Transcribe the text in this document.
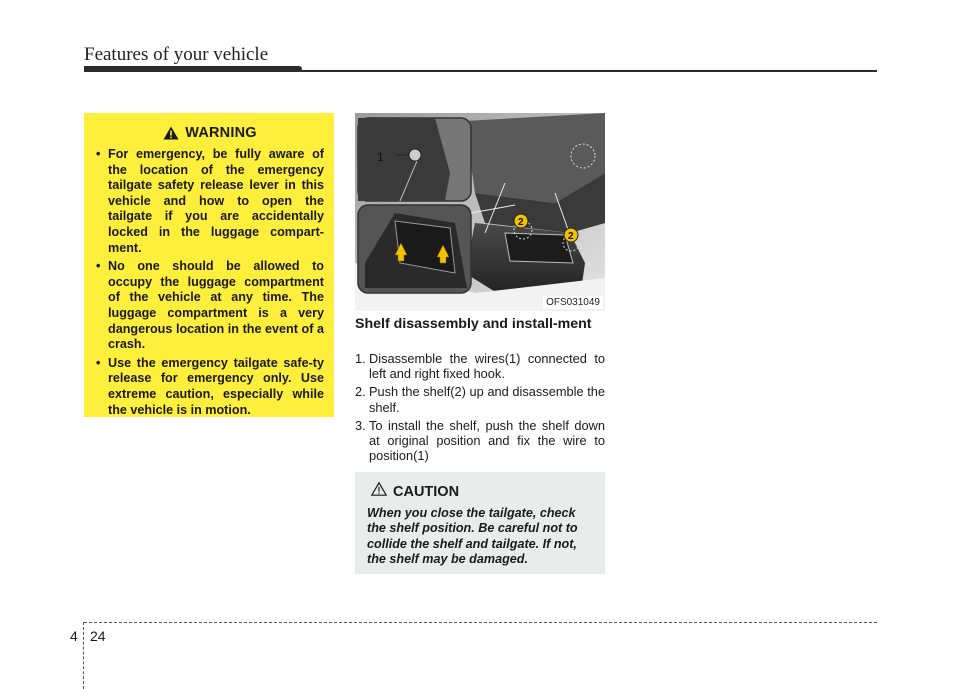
Features of your vehicle
WARNING
• For emergency, be fully aware of the location of the emergency tailgate safety release lever in this vehicle and how to open the tailgate if you are accidentally locked in the luggage compart-ment.
• No one should be allowed to occupy the luggage compartment of the vehicle at any time. The luggage compartment is a very dangerous location in the event of a crash.
• Use the emergency tailgate safe-ty release for emergency only. Use extreme caution, especially while the vehicle is in motion.
1
2
2
OFS031049
Shelf disassembly and install-ment
1. Disassemble the wires(1) connected to left and right fixed hook.
2. Push the shelf(2) up and disassemble the shelf.
3. To install the shelf, push the shelf down at original position and fix the wire to position(1)
CAUTION

When you close the tailgate, check the shelf position. Be careful not to collide the shelf and tailgate. If not, the shelf may be damaged.

4 24
